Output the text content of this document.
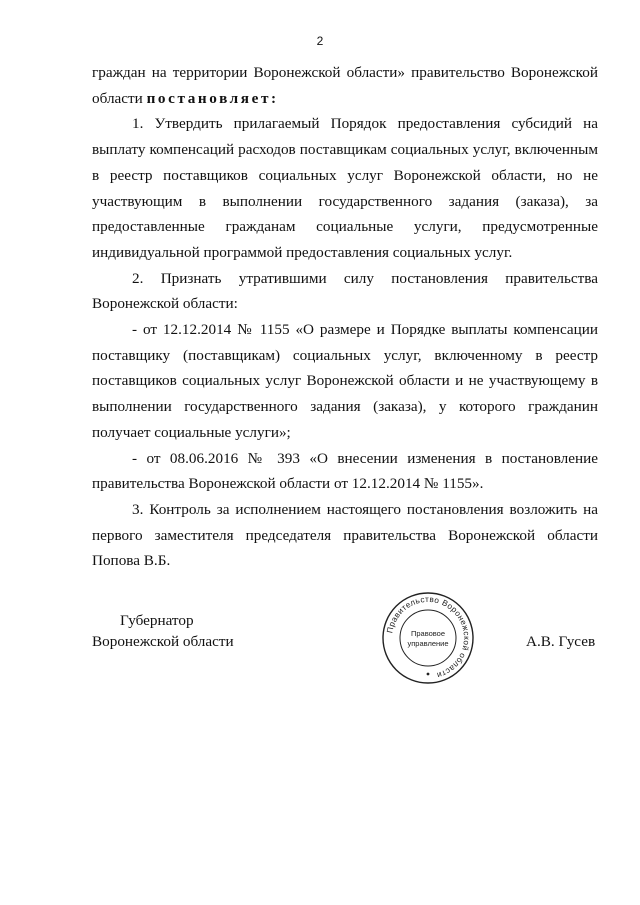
2

граждан на территории Воронежской области» правительство Воронежской области постановляет:

1. Утвердить прилагаемый Порядок предоставления субсидий на выплату компенсаций расходов поставщикам социальных услуг, включенным в реестр поставщиков социальных услуг Воронежской области, но не участвующим в выполнении государственного задания (заказа), за предоставленные гражданам социальные услуги, предусмотренные индивидуальной программой предоставления социальных услуг.

2. Признать утратившими силу постановления правительства Воронежской области:

- от 12.12.2014 № 1155 «О размере и Порядке выплаты компенсации поставщику (поставщикам) социальных услуг, включенному в реестр поставщиков социальных услуг Воронежской области и не участвующему в выполнении государственного задания (заказа), у которого гражданин получает социальные услуги»;

- от 08.06.2016 № 393 «О внесении изменения в постановление правительства Воронежской области от 12.12.2014 № 1155».

3. Контроль за исполнением настоящего постановления возложить на первого заместителя председателя правительства Воронежской области Попова В.Б.

Губернатор
Воронежской области
Правительство Воронежской области
Правовое
управление	А.В. Гусев
